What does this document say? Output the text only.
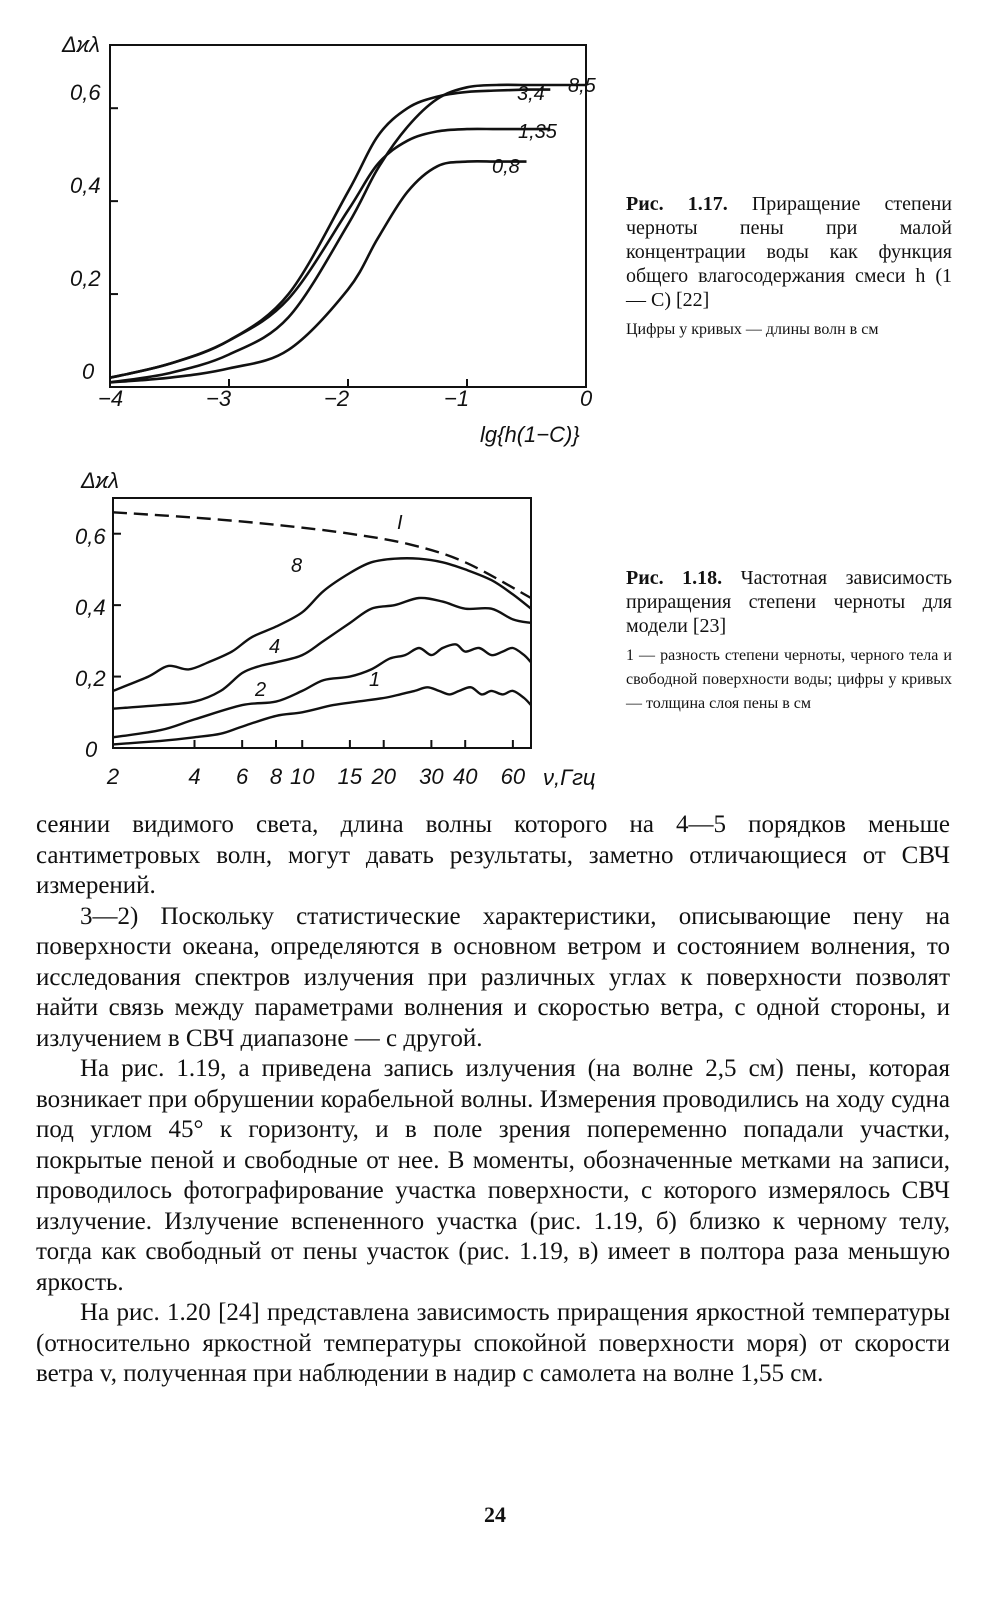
Δϰλ
0
0,2
0,4
0,6
−4	−3	−2	−1	0
lg{h(1−C)}
3,4 8,5
1,35
0,8
Рис. 1.17. Приращение степени черноты пены при малой концентрации воды как функция общего влагосодержания смеси h (1 — C) [22]
Цифры у кривых — длины волн в см
Δϰλ
0
0,2
0,4
0,6
2	4 6 8 10 15 20 30 40 60 ν,Ггц
I
8
4
2	1
Рис. 1.18. Частотная зависимость приращения степени черноты для модели [23]
1 — разность степени черноты, черного тела и свободной поверхности воды; цифры у кривых — толщина слоя пены в см

сеянии видимого света, длина волны которого на 4—5 порядков меньше сантиметровых волн, могут давать результаты, заметно отличающиеся от СВЧ измерений.

3—2) Поскольку статистические характеристики, описывающие пену на поверхности океана, определяются в основном ветром и состоянием волнения, то исследования спектров излучения при различных углах к поверхности позволят найти связь между параметрами волнения и скоростью ветра, с одной стороны, и излучением в СВЧ диапазоне — с другой.

На рис. 1.19, а приведена запись излучения (на волне 2,5 см) пены, которая возникает при обрушении корабельной волны. Измерения проводились на ходу судна под углом 45° к горизонту, и в поле зрения попеременно попадали участки, покрытые пеной и свободные от нее. В моменты, обозначенные метками на записи, проводилось фотографирование участка поверхности, с которого измерялось СВЧ излучение. Излучение вспененного участка (рис. 1.19, б) близко к черному телу, тогда как свободный от пены участок (рис. 1.19, в) имеет в полтора раза меньшую яркость.

На рис. 1.20 [24] представлена зависимость приращения яркостной температуры (относительно яркостной температуры спокойной поверхности моря) от скорости ветра v, полученная при наблюдении в надир с самолета на волне 1,55 см.

24
